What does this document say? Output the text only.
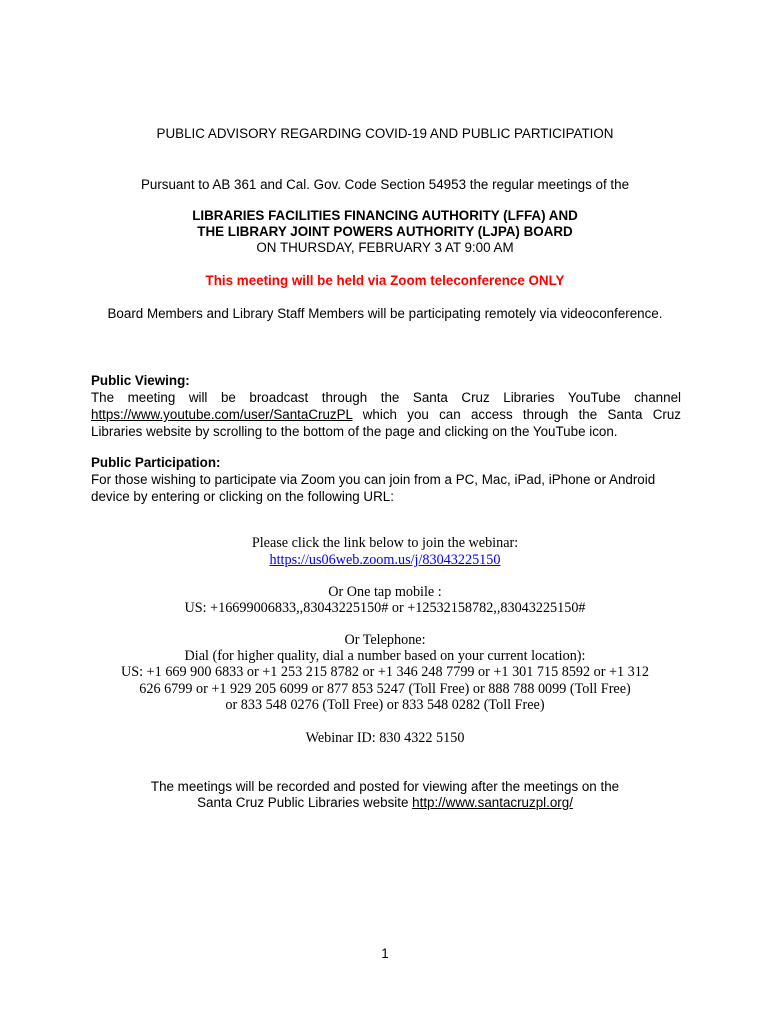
PUBLIC ADVISORY REGARDING COVID-19 AND PUBLIC PARTICIPATION
Pursuant to AB 361 and Cal. Gov. Code Section 54953 the regular meetings of the
LIBRARIES FACILITIES FINANCING AUTHORITY (LFFA) AND
THE LIBRARY JOINT POWERS AUTHORITY (LJPA) BOARD
ON THURSDAY, FEBRUARY 3 AT 9:00 AM
This meeting will be held via Zoom teleconference ONLY
Board Members and Library Staff Members will be participating remotely via videoconference.
Public Viewing:
The meeting will be broadcast through the Santa Cruz Libraries YouTube channel
https://www.youtube.com/user/SantaCruzPL which you can access through the Santa Cruz
Libraries website by scrolling to the bottom of the page and clicking on the YouTube icon.
Public Participation:
For those wishing to participate via Zoom you can join from a PC, Mac, iPad, iPhone or Android
device by entering or clicking on the following URL:
Please click the link below to join the webinar:
https://us06web.zoom.us/j/83043225150
Or One tap mobile :
US: +16699006833,,83043225150# or +12532158782,,83043225150#
Or Telephone:
Dial (for higher quality, dial a number based on your current location):
US: +1 669 900 6833 or +1 253 215 8782 or +1 346 248 7799 or +1 301 715 8592 or +1 312
626 6799 or +1 929 205 6099 or 877 853 5247 (Toll Free) or 888 788 0099 (Toll Free)
or 833 548 0276 (Toll Free) or 833 548 0282 (Toll Free)
Webinar ID: 830 4322 5150
The meetings will be recorded and posted for viewing after the meetings on the
Santa Cruz Public Libraries website http://www.santacruzpl.org/
1
